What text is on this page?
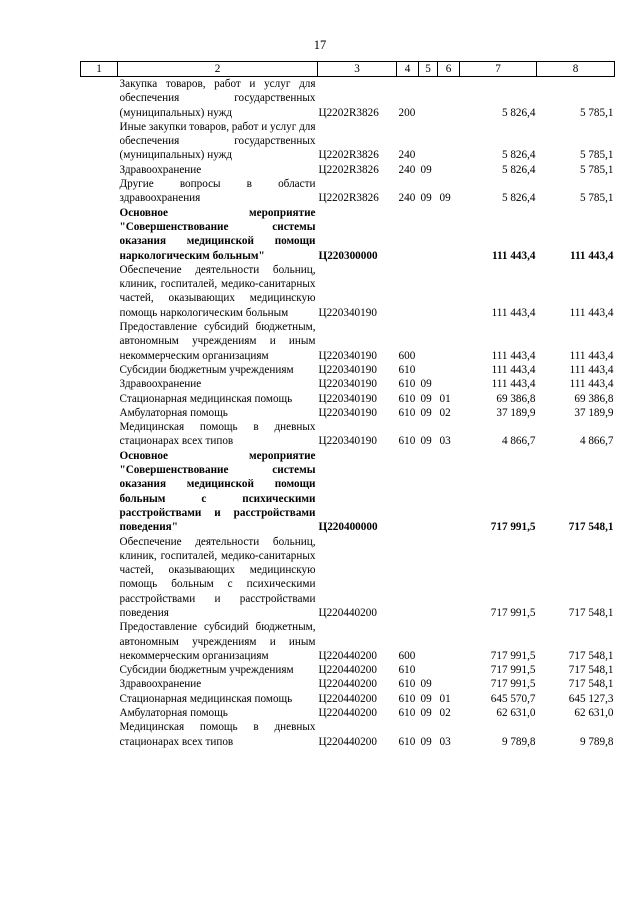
17
1	2	3	4	5	6	7	8
	Закупка товаров, работ и услуг для обеспечения государственных (муниципальных) нужд	Ц2202R3826	200			5 826,4	5 785,1
	Иные закупки товаров, работ и услуг для обеспечения государственных (муниципальных) нужд	Ц2202R3826	240			5 826,4	5 785,1
	Здравоохранение	Ц2202R3826	240	09		5 826,4	5 785,1
	Другие вопросы в области здравоохранения	Ц2202R3826	240	09	09	5 826,4	5 785,1
	Основное мероприятие "Совершенствование системы оказания медицинской помощи наркологическим больным"	Ц220300000				111 443,4	111 443,4
	Обеспечение деятельности больниц, клиник, госпиталей, медико-санитарных частей, оказывающих медицинскую помощь наркологическим больным	Ц220340190				111 443,4	111 443,4
	Предоставление субсидий бюджетным, автономным учреждениям и иным некоммерческим организациям	Ц220340190	600			111 443,4	111 443,4
	Субсидии бюджетным учреждениям	Ц220340190	610			111 443,4	111 443,4
	Здравоохранение	Ц220340190	610	09		111 443,4	111 443,4
	Стационарная медицинская помощь	Ц220340190	610	09	01	69 386,8	69 386,8
	Амбулаторная помощь	Ц220340190	610	09	02	37 189,9	37 189,9
	Медицинская помощь в дневных стационарах всех типов	Ц220340190	610	09	03	4 866,7	4 866,7
	Основное мероприятие "Совершенствование системы оказания медицинской помощи больным с психическими расстройствами и расстройствами поведения"	Ц220400000				717 991,5	717 548,1
	Обеспечение деятельности больниц, клиник, госпиталей, медико-санитарных частей, оказывающих медицинскую помощь больным с психическими расстройствами и расстройствами поведения	Ц220440200				717 991,5	717 548,1
	Предоставление субсидий бюджетным, автономным учреждениям и иным некоммерческим организациям	Ц220440200	600			717 991,5	717 548,1
	Субсидии бюджетным учреждениям	Ц220440200	610			717 991,5	717 548,1
	Здравоохранение	Ц220440200	610	09		717 991,5	717 548,1
	Стационарная медицинская помощь	Ц220440200	610	09	01	645 570,7	645 127,3
	Амбулаторная помощь	Ц220440200	610	09	02	62 631,0	62 631,0
	Медицинская помощь в дневных стационарах всех типов	Ц220440200	610	09	03	9 789,8	9 789,8
